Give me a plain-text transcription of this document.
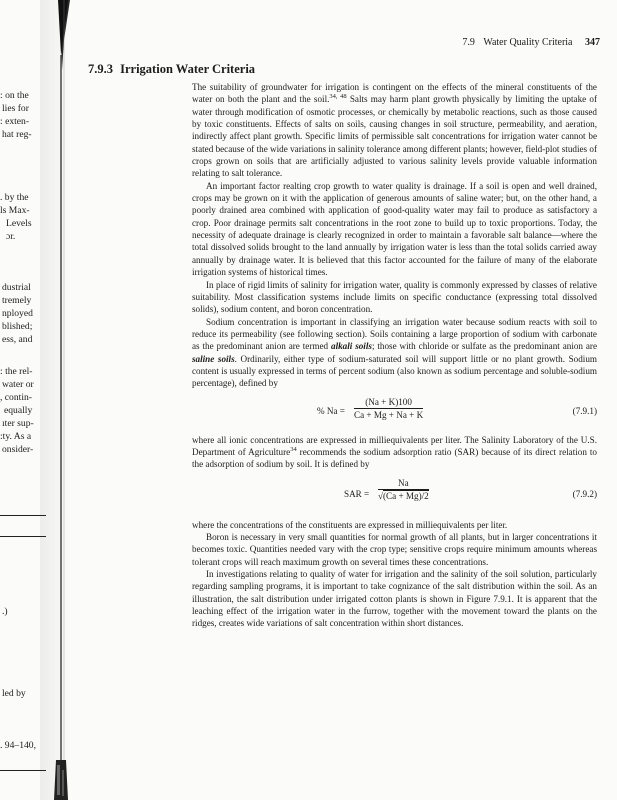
: on the
lies for
: exten-
hat reg-
. by the
ls Max-
Levels
ɔr.
dustrial
tremely
nployed
blished;
ess, and
: the rel-
water or
, contin-
equally
ıter sup-
:ty. As a
onsider-
.)
led by
. 94–140,
7.9 Water Quality Criteria 347
7.9.3 Irrigation Water Criteria

The suitability of groundwater for irrigation is contingent on the effects of the mineral constituents of the water on both the plant and the soil.$^{34, 48}$ Salts may harm plant growth physically by limiting the uptake of water through modification of osmotic processes, or chemically by metabolic reactions, such as those caused by toxic constituents. Effects of salts on soils, causing changes in soil structure, permeability, and aeration, indirectly affect plant growth. Specific limits of permissible salt concentrations for irrigation water cannot be stated because of the wide variations in salinity tolerance among different plants; however, field-plot studies of crops grown on soils that are artificially adjusted to various salinity levels provide valuable information relating to salt tolerance.

An important factor realting crop growth to water quality is drainage. If a soil is open and well drained, crops may be grown on it with the application of generous amounts of saline water; but, on the other hand, a poorly drained area combined with application of good-quality water may fail to produce as satisfactory a crop. Poor drainage permits salt concentrations in the root zone to build up to toxic proportions. Today, the necessity of adequate drainage is clearly recognized in order to maintain a favorable salt balance—where the total dissolved solids brought to the land annually by irrigation water is less than the total solids carried away annually by drainage water. It is believed that this factor accounted for the failure of many of the elaborate irrigation systems of historical times.

In place of rigid limits of salinity for irrigation water, quality is commonly expressed by classes of relative suitability. Most classification systems include limits on specific conductance (expressing total dissolved solids), sodium content, and boron concentration.

Sodium concentration is important in classifying an irrigation water because sodium reacts with soil to reduce its permeability (see following section). Soils containing a large proportion of sodium with carbonate as the predominant anion are termed alkali soils; those with chloride or sulfate as the predominant anion are saline soils. Ordinarily, either type of sodium-saturated soil will support little or no plant growth. Sodium content is usually expressed in terms of percent sodium (also known as sodium percentage and soluble-sodium percentage), defined by

% $Na = \frac{(Na + K)100}{Ca + Mg + Na + K}$	(7.9.1)

where all ionic concentrations are expressed in milliequivalents per liter. The Salinity Laboratory of the U.S. Department of Agriculture$^{34}$ recommends the sodium adsorption ratio (SAR) because of its direct relation to the adsorption of sodium by soil. It is defined by

SAR = $\frac{Na}{√(Ca + Mg)/2}$	(7.9.2)

where the concentrations of the constituents are expressed in milliequivalents per liter.

Boron is necessary in very small quantities for normal growth of all plants, but in larger concentrations it becomes toxic. Quantities needed vary with the crop type; sensitive crops require minimum amounts whereas tolerant crops will reach maximum growth on several times these concentrations.

In investigations relating to quality of water for irrigation and the salinity of the soil solution, particularly regarding sampling programs, it is important to take cognizance of the salt distribution within the soil. As an illustration, the salt distribution under irrigated cotton plants is shown in Figure 7.9.1. It is apparent that the leaching effect of the irrigation water in the furrow, together with the movement toward the plants on the ridges, creates wide variations of salt concentration within short distances.
